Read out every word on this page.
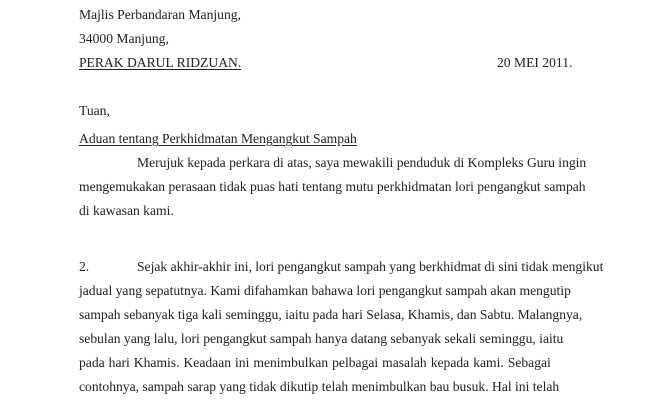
Majlis Perbandaran Manjung,
34000 Manjung,
PERAK DARUL RIDZUAN.	20 MEI 2011.
Tuan,
Aduan tentang Perkhidmatan Mengangkut Sampah
Merujuk kepada perkara di atas, saya mewakili penduduk di Kompleks Guru ingin
mengemukakan perasaan tidak puas hati tentang mutu perkhidmatan lori pengangkut sampah
di kawasan kami.
2.	Sejak akhir-akhir ini, lori pengangkut sampah yang berkhidmat di sini tidak mengikut
jadual yang sepatutnya. Kami difahamkan bahawa lori pengangkut sampah akan mengutip
sampah sebanyak tiga kali seminggu, iaitu pada hari Selasa, Khamis, dan Sabtu. Malangnya,
sebulan yang lalu, lori pengangkut sampah hanya datang sebanyak sekali seminggu, iaitu
pada hari Khamis. Keadaan ini menimbulkan pelbagai masalah kepada kami. Sebagai
contohnya, sampah sarap yang tidak dikutip telah menimbulkan bau busuk. Hal ini telah
